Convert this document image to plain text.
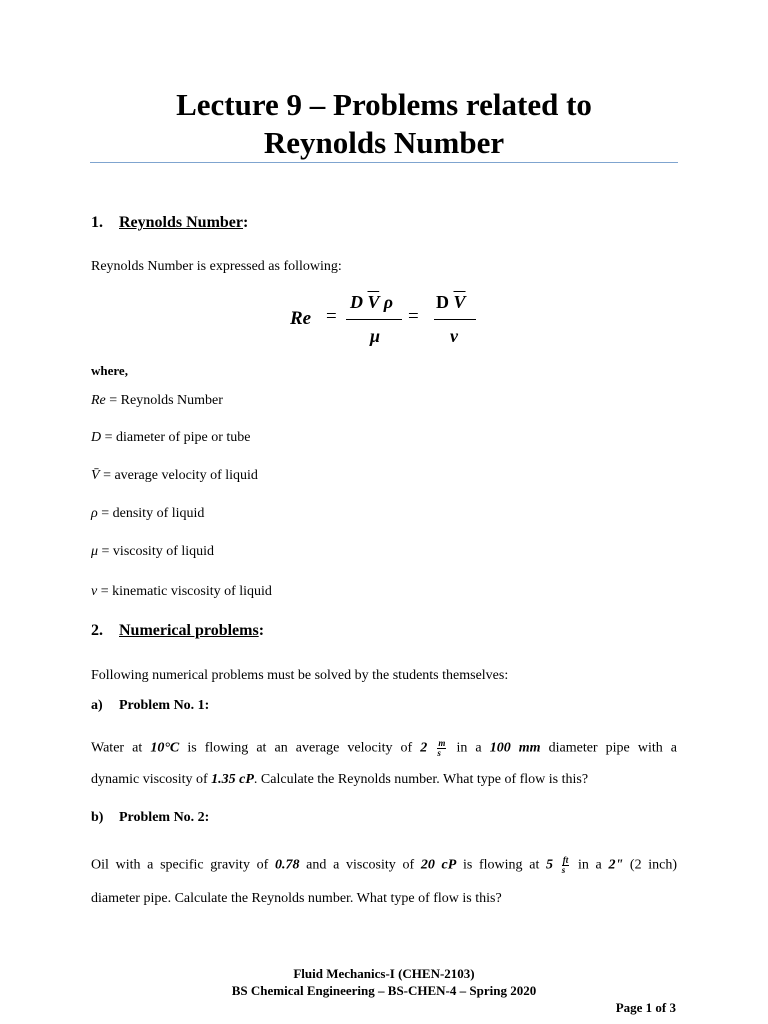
Lecture 9 – Problems related to
Reynolds Number
1. Reynolds Number:
Reynolds Number is expressed as following:
Re =
D $\overline{V}$ ρ
μ
=
D $\overline{V}$
ν
where,
Re = Reynolds Number
D = diameter of pipe or tube
V̄ = average velocity of liquid
ρ = density of liquid
μ = viscosity of liquid
ν = kinematic viscosity of liquid
2. Numerical problems:
Following numerical problems must be solved by the students themselves:
a) Problem No. 1:
Water at 10°C is flowing at an average velocity of $2 \frac{m}{s}$ in a 100 mm diameter pipe with a
dynamic viscosity of 1.35 cP. Calculate the Reynolds number. What type of flow is this?
b) Problem No. 2:
Oil with a specific gravity of 0.78 and a viscosity of 20 cP is flowing at $5 \frac{ft}{s}$ in a 2" (2 inch)
diameter pipe. Calculate the Reynolds number. What type of flow is this?
Fluid Mechanics-I (CHEN-2103)
BS Chemical Engineering – BS-CHEN-4 – Spring 2020
Page 1 of 3
